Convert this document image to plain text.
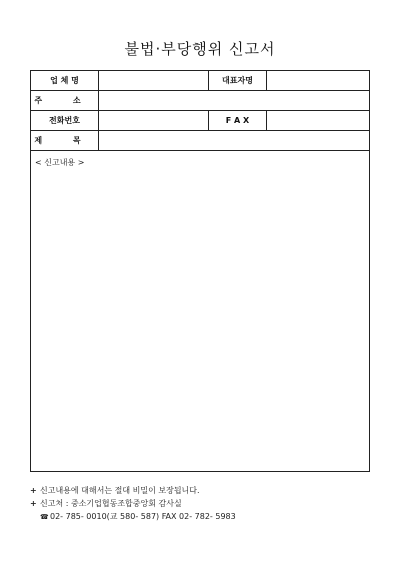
불법·부당행위 신고서
업 체 명	대표자명
주 소
전화번호	F A X
제 목
< 신고내용 >
+ 신고내용에 대해서는 절대 비밀이 보장됩니다.
+ 신고처 : 중소기업협동조합중앙회 감사실
☎02- 785- 0010(교 580- 587) FAX 02- 782- 5983
